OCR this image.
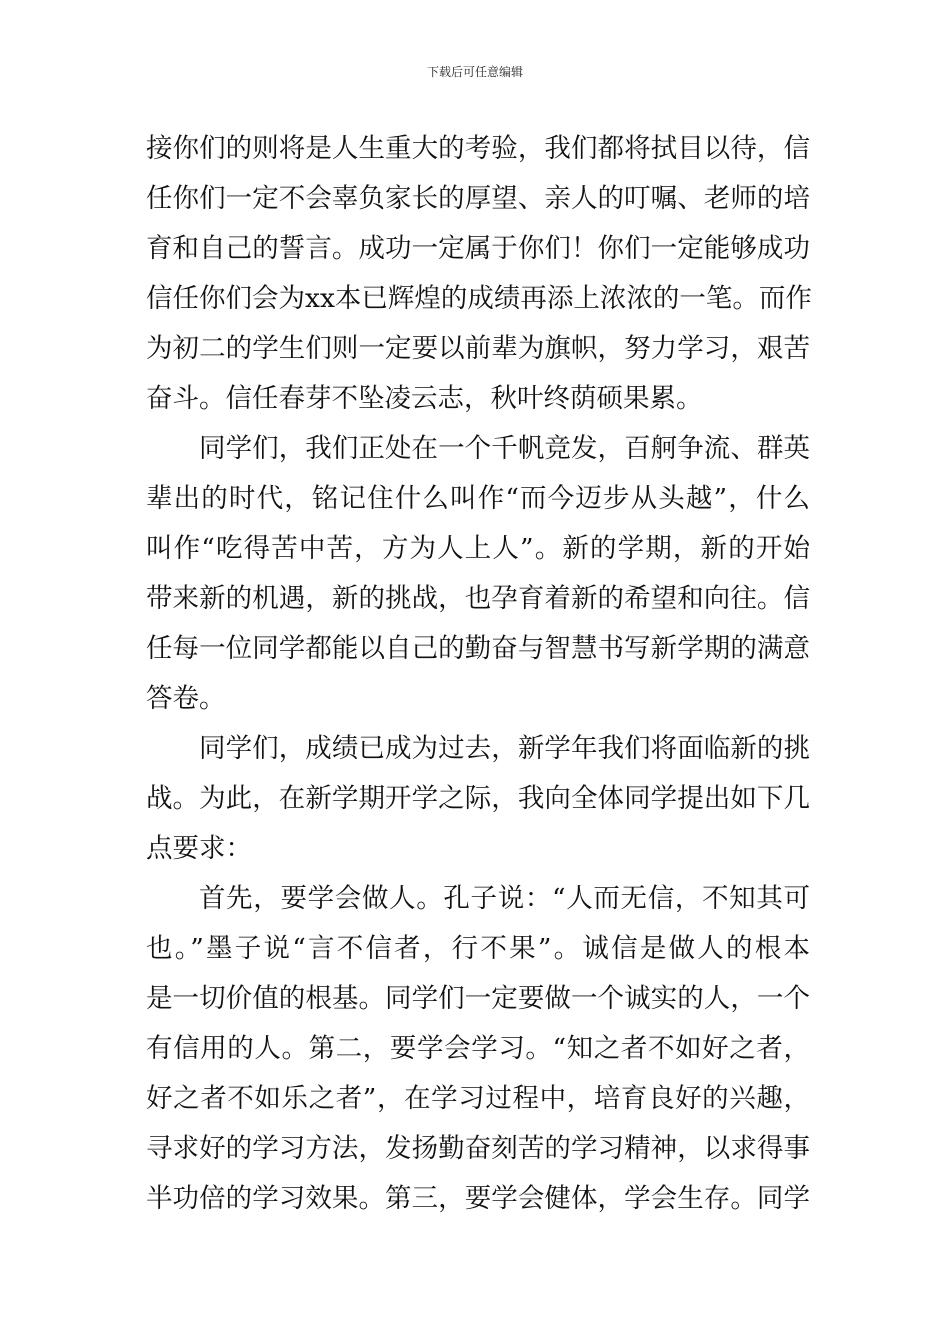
下载后可任意编辑
接你们的则将是人生重大的考验，我们都将拭目以待，信
任你们一定不会辜负家长的厚望、亲人的叮嘱、老师的培
育和自己的誓言。成功一定属于你们！你们一定能够成功
信任你们会为xx本已辉煌的成绩再添上浓浓的一笔。而作
为初二的学生们则一定要以前辈为旗帜，努力学习，艰苦
奋斗。信任春芽不坠凌云志，秋叶终荫硕果累。
同学们，我们正处在一个千帆竞发，百舸争流、群英
辈出的时代，铭记住什么叫作“而今迈步从头越”，什么
叫作“吃得苦中苦，方为人上人”。新的学期，新的开始
带来新的机遇，新的挑战，也孕育着新的希望和向往。信
任每一位同学都能以自己的勤奋与智慧书写新学期的满意
答卷。
同学们，成绩已成为过去，新学年我们将面临新的挑
战。为此，在新学期开学之际，我向全体同学提出如下几
点要求：
首先，要学会做人。孔子说：“人而无信，不知其可
也。”墨子说“言不信者，行不果”。诚信是做人的根本
是一切价值的根基。同学们一定要做一个诚实的人，一个
有信用的人。第二，要学会学习。“知之者不如好之者，
好之者不如乐之者”，在学习过程中，培育良好的兴趣，
寻求好的学习方法，发扬勤奋刻苦的学习精神，以求得事
半功倍的学习效果。第三，要学会健体，学会生存。同学
